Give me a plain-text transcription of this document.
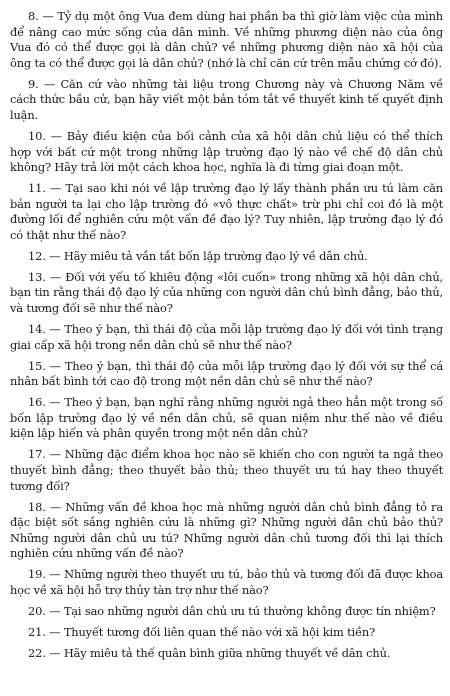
8. — Tỷ dụ một ông Vua đem dùng hai phần ba thì giờ làm việc của mình để nâng cao mức sống của dân mình. Về những phương diện nào của ông Vua đó có thể được gọi là dân chủ? về những phương diện nào xã hội của ông ta có thể được gọi là dân chủ? (nhớ là chỉ căn cứ trên mẫu chứng cớ đó).

9. — Căn cứ vào những tài liệu trong Chương này và Chương Năm về cách thức bầu cử, bạn hãy viết một bản tóm tắt về thuyết kinh tế quyết định luận.

10. — Bảy điều kiện của bối cảnh của xã hội dân chủ liệu có thể thích hợp với bất cứ một trong những lập trường đạo lý nào về chế độ dân chủ không? Hãy trả lời một cách khoa học, nghĩa là đi từng giai đoạn một.

11. — Tại sao khi nói về lập trường đạo lý lấy thành phần ưu tú làm căn bản người ta lại cho lập trường đó «vô thực chất» trừ phi chỉ coi đó là một đường lối để nghiên cứu một vấn đề đạo lý? Tuy nhiên, lập trường đạo lý đó có thật như thế nào?

12. — Hãy miêu tả vắn tắt bốn lập trường đạo lý về dân chủ.

13. — Đối với yếu tố khiêu động «lôi cuốn» trong những xã hội dân chủ, bạn tin rằng thái độ đạo lý của những con người dân chủ bình đẳng, bảo thủ, và tương đối sẽ như thế nào?

14. — Theo ý bạn, thì thái độ của mỗi lập trường đạo lý đối với tình trạng giai cấp xã hội trong nền dân chủ sẽ như thế nào?

15. — Theo ý bạn, thì thái độ của mỗi lập trường đạo lý đối với sự thể cá nhân bất bình tới cao độ trong một nền dân chủ sẽ như thế nào?

16. — Theo ý bạn, bạn nghĩ rằng những người ngả theo hẳn một trong số bốn lập trường đạo lý về nền dân chủ, sẽ quan niệm như thế nào về điều kiện lập hiến và phân quyền trong một nền dân chủ?

17. — Những đặc điểm khoa học nào sẽ khiến cho con người ta ngả theo thuyết bình đẳng; theo thuyết bảo thủ; theo thuyết ưu tú hay theo thuyết tương đối?

18. — Những vấn đề khoa học mà những người dân chủ bình đẳng tỏ ra đặc biệt sốt sắng nghiên cứu là những gì? Những người dân chủ bảo thủ? Những người dân chủ ưu tú? Những người dân chủ tương đối thì lại thích nghiên cứu những vấn đề nào?

19. — Những người theo thuyết ưu tú, bảo thủ và tương đối đã được khoa học về xã hội hỗ trợ thủy tàn trợ như thế nào?

20. — Tại sao những người dân chủ ưu tú thường không được tín nhiệm?

21. — Thuyết tương đối liên quan thế nào với xã hội kim tiền?

22. — Hãy miêu tả thế quân bình giữa những thuyết về dân chủ.
